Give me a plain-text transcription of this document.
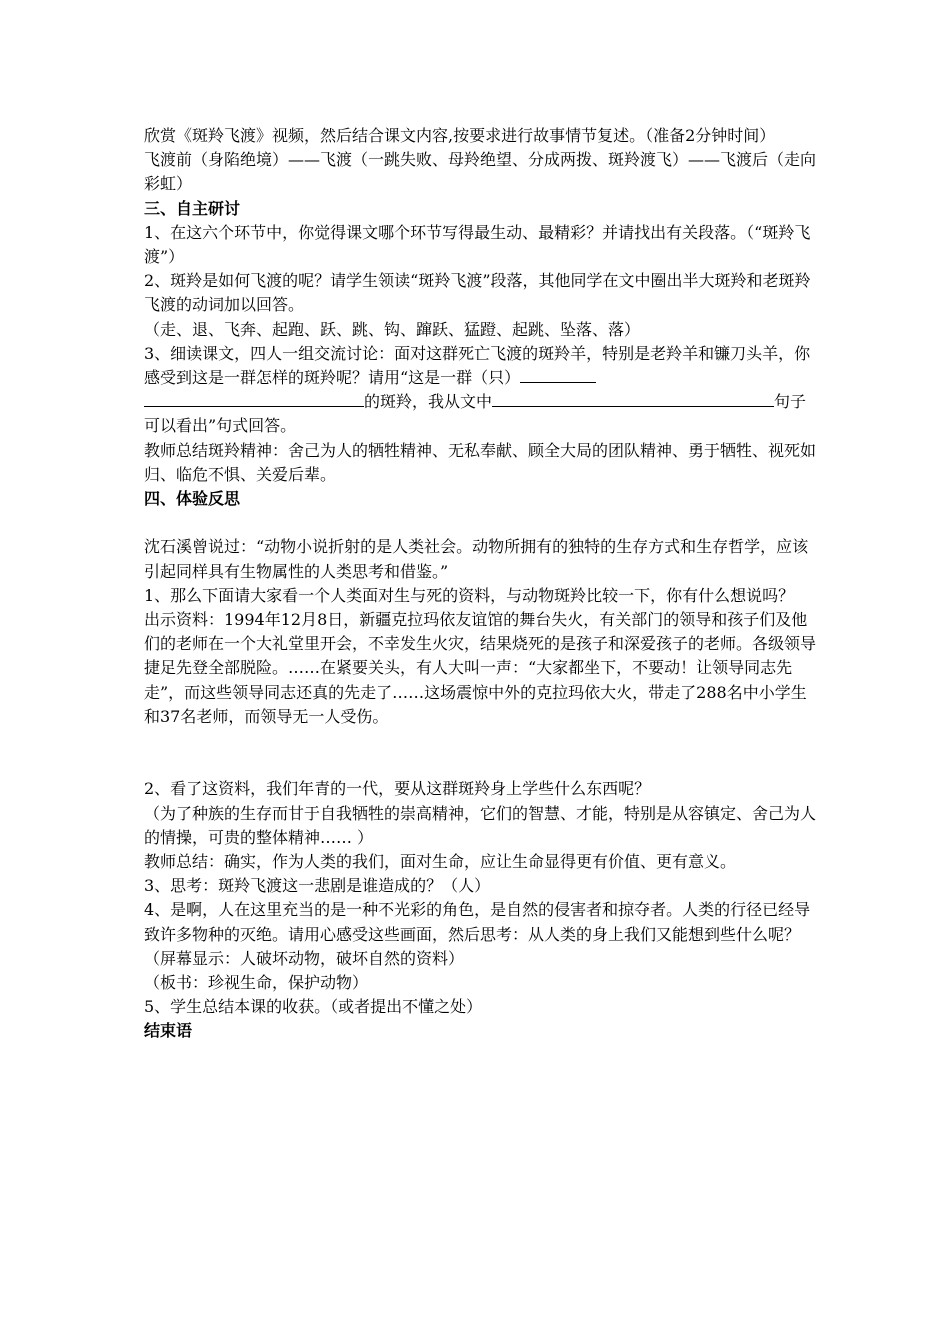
欣赏《斑羚飞渡》视频，然后结合课文内容,按要求进行故事情节复述。（准备2分钟时间）

飞渡前（身陷绝境）——飞渡（一跳失败、母羚绝望、分成两拨、斑羚渡飞）——飞渡后（走向彩虹）

三、自主研讨

1、在这六个环节中，你觉得课文哪个环节写得最生动、最精彩？并请找出有关段落。（“斑羚飞渡”）

2、斑羚是如何飞渡的呢？请学生领读“斑羚飞渡”段落，其他同学在文中圈出半大斑羚和老斑羚飞渡的动词加以回答。

（走、退、飞奔、起跑、跃、跳、钩、蹿跃、猛蹬、起跳、坠落、落）

3、细读课文，四人一组交流讨论：面对这群死亡飞渡的斑羚羊，特别是老羚羊和镰刀头羊，你感受到这是一群怎样的斑羚呢？请用“这是一群（只）的斑羚，我从文中	句子可以看出”句式回答。

教师总结斑羚精神：舍己为人的牺牲精神、无私奉献、顾全大局的团队精神、勇于牺牲、视死如归、临危不惧、关爱后辈。

四、体验反思

沈石溪曾说过：“动物小说折射的是人类社会。动物所拥有的独特的生存方式和生存哲学，应该引起同样具有生物属性的人类思考和借鉴。”

1、那么下面请大家看一个人类面对生与死的资料，与动物斑羚比较一下，你有什么想说吗？

出示资料：1994年12月8日，新疆克拉玛依友谊馆的舞台失火，有关部门的领导和孩子们及他们的老师在一个大礼堂里开会，不幸发生火灾，结果烧死的是孩子和深爱孩子的老师。各级领导捷足先登全部脱险。……在紧要关头，有人大叫一声：“大家都坐下，不要动！让领导同志先走”，而这些领导同志还真的先走了……这场震惊中外的克拉玛依大火，带走了288名中小学生和37名老师，而领导无一人受伤。

2、看了这资料，我们年青的一代，要从这群斑羚身上学些什么东西呢？

（为了种族的生存而甘于自我牺牲的崇高精神，它们的智慧、才能，特别是从容镇定、舍己为人的情操，可贵的整体精神…… ）

教师总结：确实，作为人类的我们，面对生命，应让生命显得更有价值、更有意义。

3、思考：斑羚飞渡这一悲剧是谁造成的？（人）

4、是啊，人在这里充当的是一种不光彩的角色，是自然的侵害者和掠夺者。人类的行径已经导致许多物种的灭绝。请用心感受这些画面，然后思考：从人类的身上我们又能想到些什么呢？ （屏幕显示：人破坏动物，破坏自然的资料）

（板书：珍视生命，保护动物）

5、学生总结本课的收获。（或者提出不懂之处）

结束语
